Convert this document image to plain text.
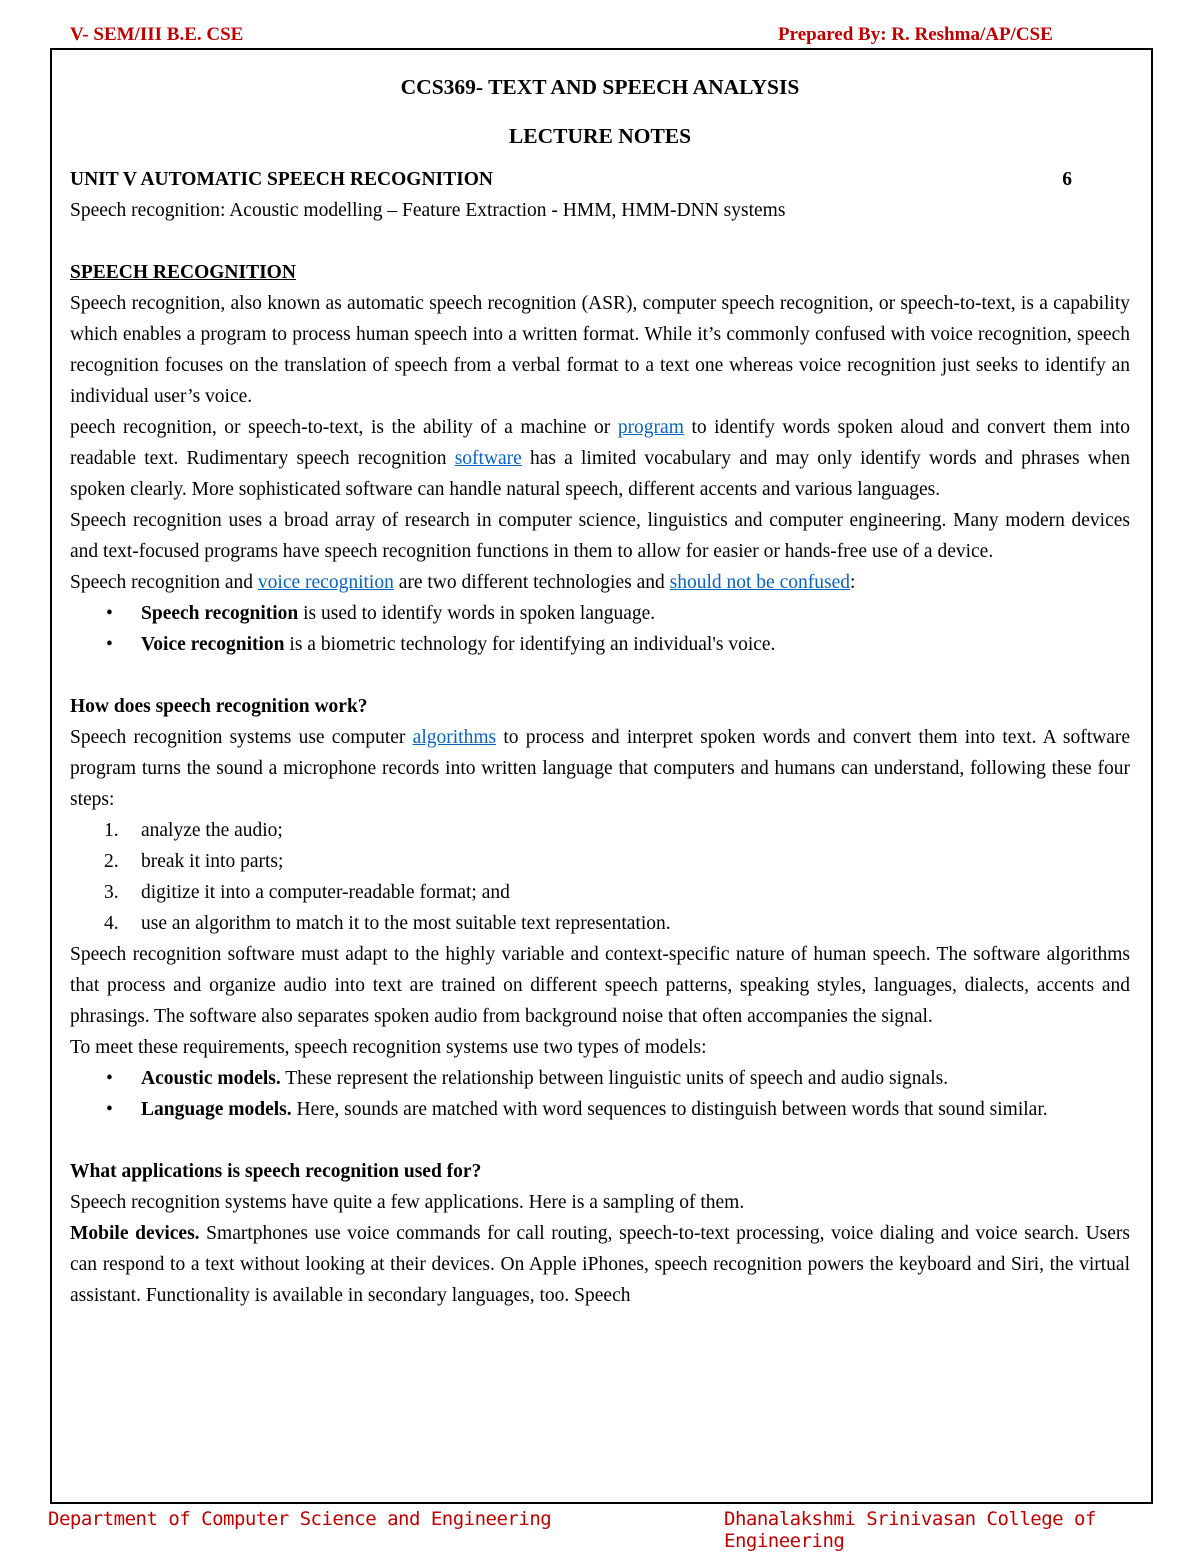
V- SEM/III B.E. CSE	Prepared By: R. Reshma/AP/CSE

CCS369- TEXT AND SPEECH ANALYSIS

LECTURE NOTES

UNIT V AUTOMATIC SPEECH RECOGNITION	6

Speech recognition: Acoustic modelling – Feature Extraction - HMM, HMM-DNN systems

SPEECH RECOGNITION

Speech recognition, also known as automatic speech recognition (ASR), computer speech recognition, or speech-to-text, is a capability which enables a program to process human speech into a written format. While it’s commonly confused with voice recognition, speech recognition focuses on the translation of speech from a verbal format to a text one whereas voice recognition just seeks to identify an individual user’s voice.

peech recognition, or speech-to-text, is the ability of a machine or program to identify words spoken aloud and convert them into readable text. Rudimentary speech recognition software has a limited vocabulary and may only identify words and phrases when spoken clearly. More sophisticated software can handle natural speech, different accents and various languages.

Speech recognition uses a broad array of research in computer science, linguistics and computer engineering. Many modern devices and text-focused programs have speech recognition functions in them to allow for easier or hands-free use of a device.

Speech recognition and voice recognition are two different technologies and should not be confused:

• Speech recognition is used to identify words in spoken language.
• Voice recognition is a biometric technology for identifying an individual's voice.

How does speech recognition work?

Speech recognition systems use computer algorithms to process and interpret spoken words and convert them into text. A software program turns the sound a microphone records into written language that computers and humans can understand, following these four steps:

1. analyze the audio;
2. break it into parts;
3. digitize it into a computer-readable format; and
4. use an algorithm to match it to the most suitable text representation.

Speech recognition software must adapt to the highly variable and context-specific nature of human speech. The software algorithms that process and organize audio into text are trained on different speech patterns, speaking styles, languages, dialects, accents and phrasings. The software also separates spoken audio from background noise that often accompanies the signal.

To meet these requirements, speech recognition systems use two types of models:

• Acoustic models. These represent the relationship between linguistic units of speech and audio signals.
• Language models. Here, sounds are matched with word sequences to distinguish between words that sound similar.

What applications is speech recognition used for?

Speech recognition systems have quite a few applications. Here is a sampling of them.

Mobile devices. Smartphones use voice commands for call routing, speech-to-text processing, voice dialing and voice search. Users can respond to a text without looking at their devices. On Apple iPhones, speech recognition powers the keyboard and Siri, the virtual assistant. Functionality is available in secondary languages, too. Speech

Department of Computer Science and Engineering	Dhanalakshmi Srinivasan College of Engineering
